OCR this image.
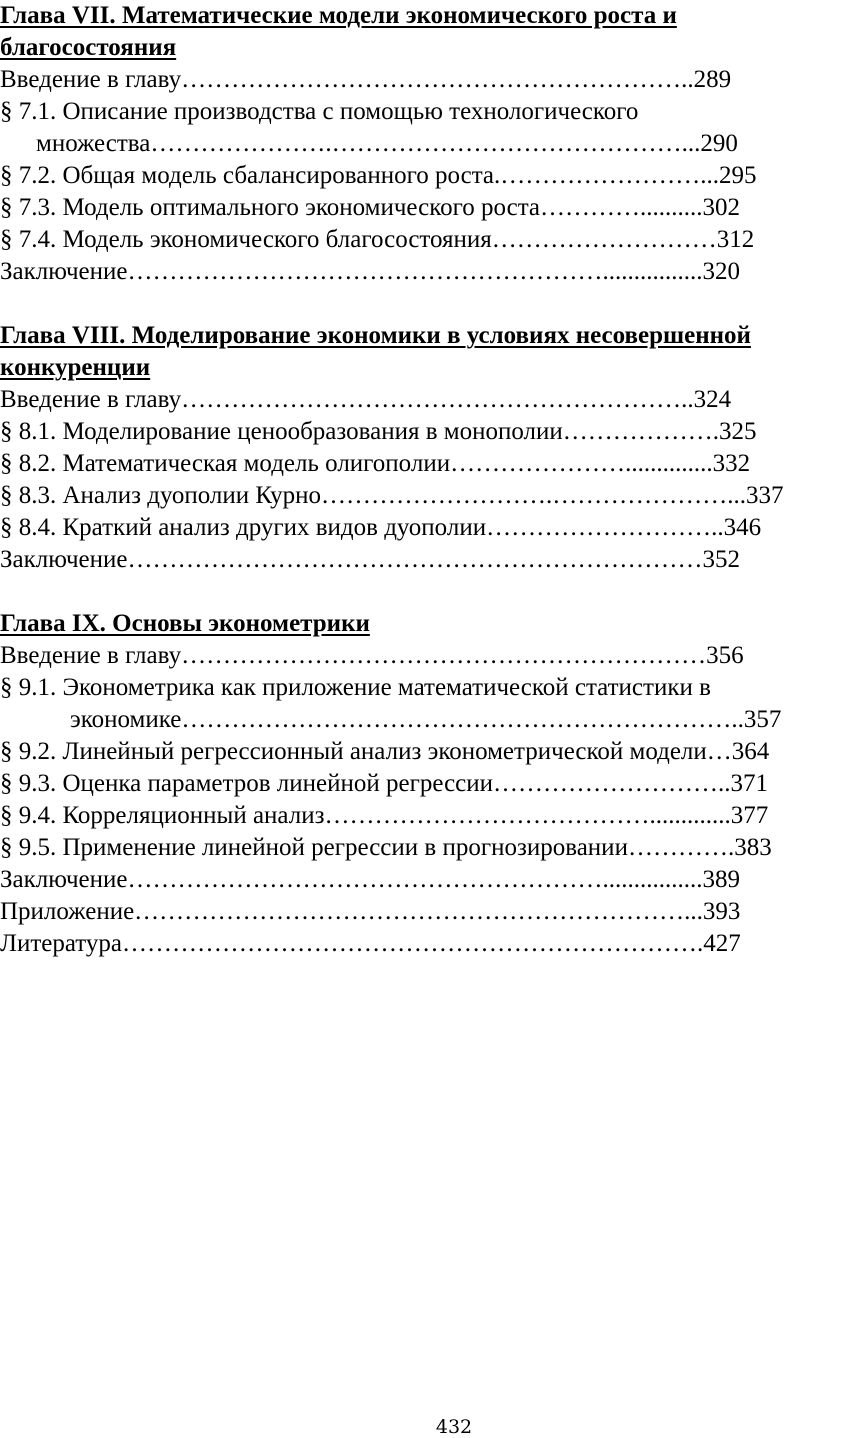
Глава VII. Математические модели экономического роста и благосостояния
Введение в главу……………………………………………………..289
§ 7.1. Описание производства с помощью технологического
множества………………….……………………………………...290
§ 7.2. Общая модель сбалансированного роста.……………………...295
§ 7.3. Модель оптимального экономического роста…………..........302
§ 7.4. Модель экономического благосостояния………………………312
Заключение…………………………………………………................320
Глава VIII. Моделирование экономики в условиях несовершенной конкуренции
Введение в главу……………………………………………………..324
§ 8.1. Моделирование ценообразования в монополии……………….325
§ 8.2. Математическая модель олигополии…………………..............332
§ 8.3. Анализ дуополии Курно……………………….…………………...337
§ 8.4. Краткий анализ других видов дуополии………………………..346
Заключение……………………………………………………………352
Глава IX. Основы эконометрики
Введение в главу………………………………………………………356
§ 9.1. Эконометрика как приложение математической статистики в
экономике…………………………………………………………..357
§ 9.2. Линейный регрессионный анализ эконометрической модели…364
§ 9.3. Оценка параметров линейной регрессии………………………..371
§ 9.4. Корреляционный анализ………………………………….............377
§ 9.5. Применение линейной регрессии в прогнозировании………….383
Заключение…………………………………………………................389
Приложение…………………………………………………………...393
Литература…………………………………………………………….427
432
